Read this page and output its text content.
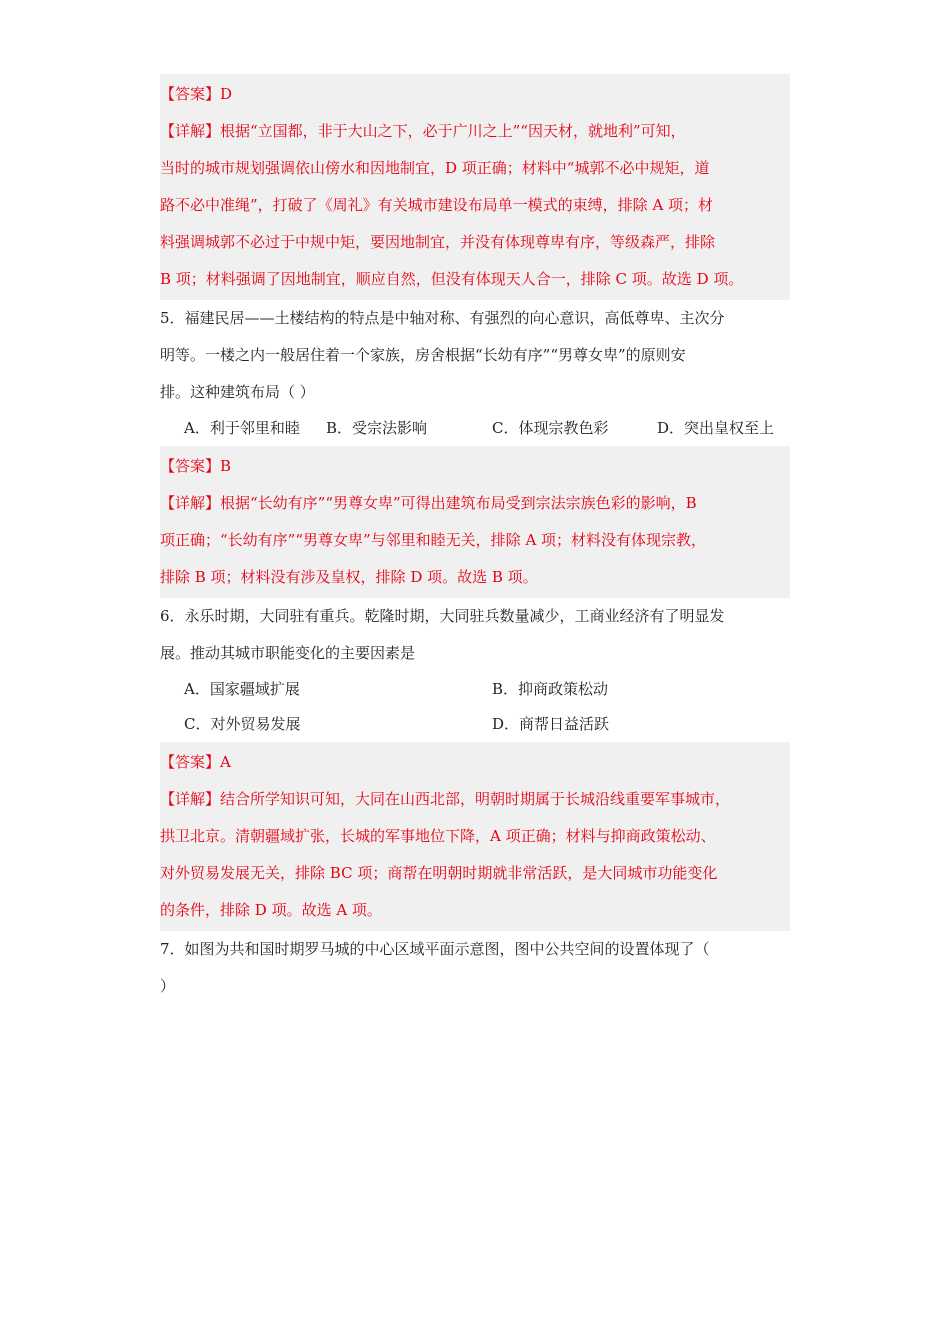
【答案】D
【详解】根据“立国都，非于大山之下，必于广川之上”“因天材，就地利”可知，
当时的城市规划强调依山傍水和因地制宜，D 项正确；材料中“城郭不必中规矩，道
路不必中准绳”，打破了《周礼》有关城市建设布局单一模式的束缚，排除 A 项；材
料强调城郭不必过于中规中矩，要因地制宜，并没有体现尊卑有序，等级森严，排除
B 项；材料强调了因地制宜，顺应自然，但没有体现天人合一，排除 C 项。故选 D 项。
5．福建民居——土楼结构的特点是中轴对称、有强烈的向心意识，高低尊卑、主次分
明等。一楼之内一般居住着一个家族，房舍根据“长幼有序”“男尊女卑”的原则安
排。这种建筑布局（ ）
A．利于邻里和睦 B．受宗法影响	C．体现宗教色彩	D．突出皇权至上
【答案】B
【详解】根据“长幼有序”“男尊女卑”可得出建筑布局受到宗法宗族色彩的影响，B
项正确；“长幼有序”“男尊女卑”与邻里和睦无关，排除 A 项；材料没有体现宗教，
排除 B 项；材料没有涉及皇权，排除 D 项。故选 B 项。
6．永乐时期，大同驻有重兵。乾隆时期，大同驻兵数量减少，工商业经济有了明显发
展。推动其城市职能变化的主要因素是
A．国家疆域扩展	B．抑商政策松动
C．对外贸易发展	D．商帮日益活跃
【答案】A
【详解】结合所学知识可知，大同在山西北部，明朝时期属于长城沿线重要军事城市，
拱卫北京。清朝疆域扩张，长城的军事地位下降，A 项正确；材料与抑商政策松动、
对外贸易发展无关，排除 BC 项；商帮在明朝时期就非常活跃，是大同城市功能变化
的条件，排除 D 项。故选 A 项。
7．如图为共和国时期罗马城的中心区域平面示意图，图中公共空间的设置体现了（
）
